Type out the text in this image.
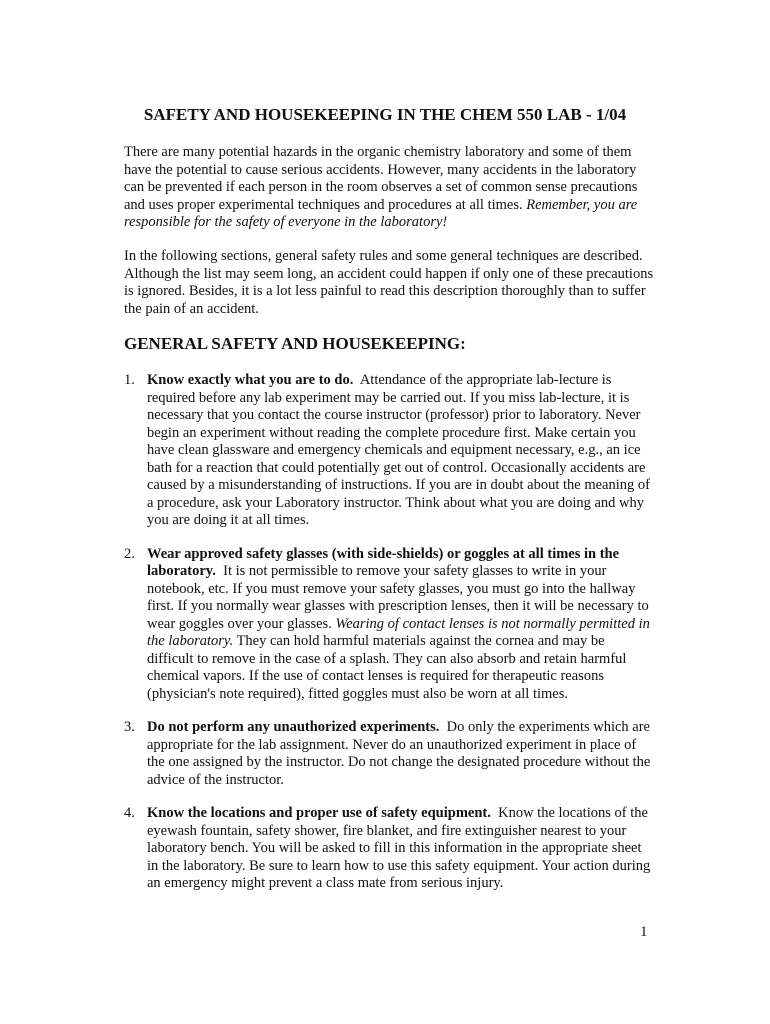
SAFETY AND HOUSEKEEPING IN THE CHEM 550 LAB - 1/04

There are many potential hazards in the organic chemistry laboratory and some of them have the potential to cause serious accidents. However, many accidents in the laboratory can be prevented if each person in the room observes a set of common sense precautions and uses proper experimental techniques and procedures at all times. Remember, you are responsible for the safety of everyone in the laboratory!

In the following sections, general safety rules and some general techniques are described. Although the list may seem long, an accident could happen if only one of these precautions is ignored. Besides, it is a lot less painful to read this description thoroughly than to suffer the pain of an accident.

GENERAL SAFETY AND HOUSEKEEPING:
1. Know exactly what you are to do. Attendance of the appropriate lab-lecture is required before any lab experiment may be carried out. If you miss lab-lecture, it is necessary that you contact the course instructor (professor) prior to laboratory. Never begin an experiment without reading the complete procedure first. Make certain you have clean glassware and emergency chemicals and equipment necessary, e.g., an ice bath for a reaction that could potentially get out of control. Occasionally accidents are caused by a misunderstanding of instructions. If you are in doubt about the meaning of a procedure, ask your Laboratory instructor. Think about what you are doing and why you are doing it at all times.
2. Wear approved safety glasses (with side-shields) or goggles at all times in the laboratory. It is not permissible to remove your safety glasses to write in your notebook, etc. If you must remove your safety glasses, you must go into the hallway first. If you normally wear glasses with prescription lenses, then it will be necessary to wear goggles over your glasses. Wearing of contact lenses is not normally permitted in the laboratory. They can hold harmful materials against the cornea and may be difficult to remove in the case of a splash. They can also absorb and retain harmful chemical vapors. If the use of contact lenses is required for therapeutic reasons (physician's note required), fitted goggles must also be worn at all times.
3. Do not perform any unauthorized experiments. Do only the experiments which are appropriate for the lab assignment. Never do an unauthorized experiment in place of the one assigned by the instructor. Do not change the designated procedure without the advice of the instructor.
4. Know the locations and proper use of safety equipment. Know the locations of the eyewash fountain, safety shower, fire blanket, and fire extinguisher nearest to your laboratory bench. You will be asked to fill in this information in the appropriate sheet in the laboratory. Be sure to learn how to use this safety equipment. Your action during an emergency might prevent a class mate from serious injury.
1
